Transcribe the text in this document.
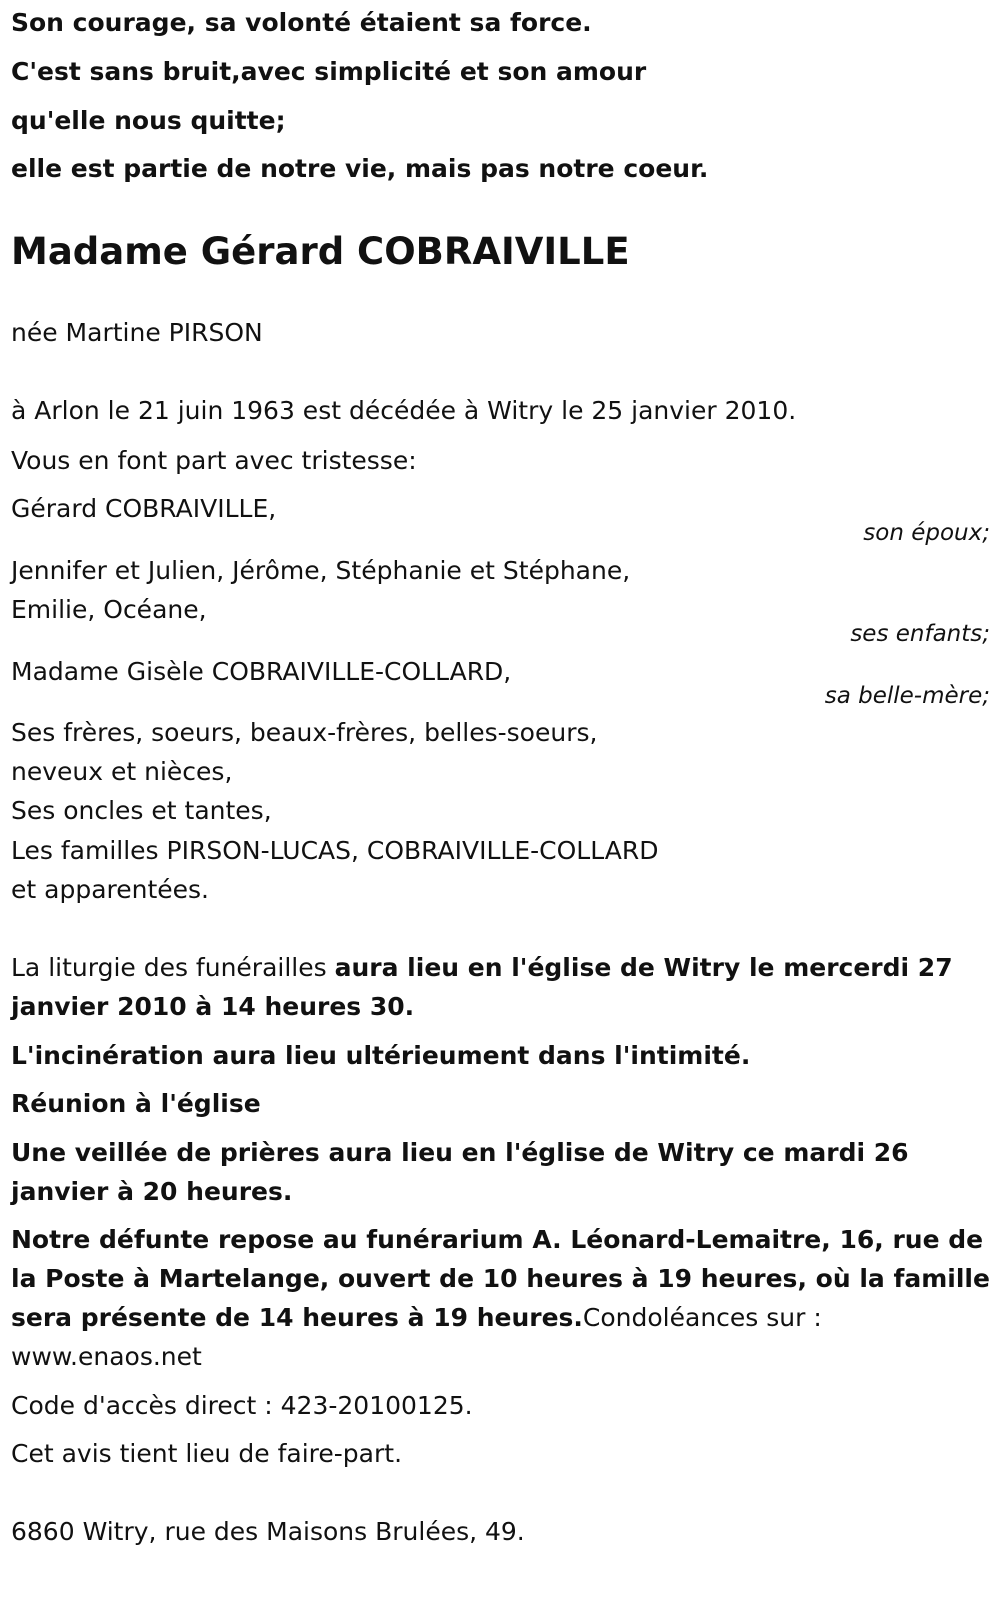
Son courage, sa volonté étaient sa force.

C'est sans bruit,avec simplicité et son amour

qu'elle nous quitte;

elle est partie de notre vie, mais pas notre coeur.

Madame Gérard COBRAIVILLE

née Martine PIRSON

à Arlon le 21 juin 1963 est décédée à Witry le 25 janvier 2010.

Vous en font part avec tristesse:

Gérard COBRAIVILLE,

son époux;

Jennifer et Julien, Jérôme, Stéphanie et Stéphane,

Emilie, Océane,

ses enfants;

Madame Gisèle COBRAIVILLE-COLLARD,

sa belle-mère;

Ses frères, soeurs, beaux-frères, belles-soeurs,

neveux et nièces,

Ses oncles et tantes,

Les familles PIRSON-LUCAS, COBRAIVILLE-COLLARD

et apparentées.

La liturgie des funérailles aura lieu en l'église de Witry le mercerdi 27

janvier 2010 à 14 heures 30.

L'incinération aura lieu ultérieument dans l'intimité.

Réunion à l'église

Une veillée de prières aura lieu en l'église de Witry ce mardi 26

janvier à 20 heures.

Notre défunte repose au funérarium A. Léonard-Lemaitre, 16, rue de

la Poste à Martelange, ouvert de 10 heures à 19 heures, où la famille

sera présente de 14 heures à 19 heures.Condoléances sur :

www.enaos.net

Code d'accès direct : 423-20100125.

Cet avis tient lieu de faire-part.

6860 Witry, rue des Maisons Brulées, 49.
